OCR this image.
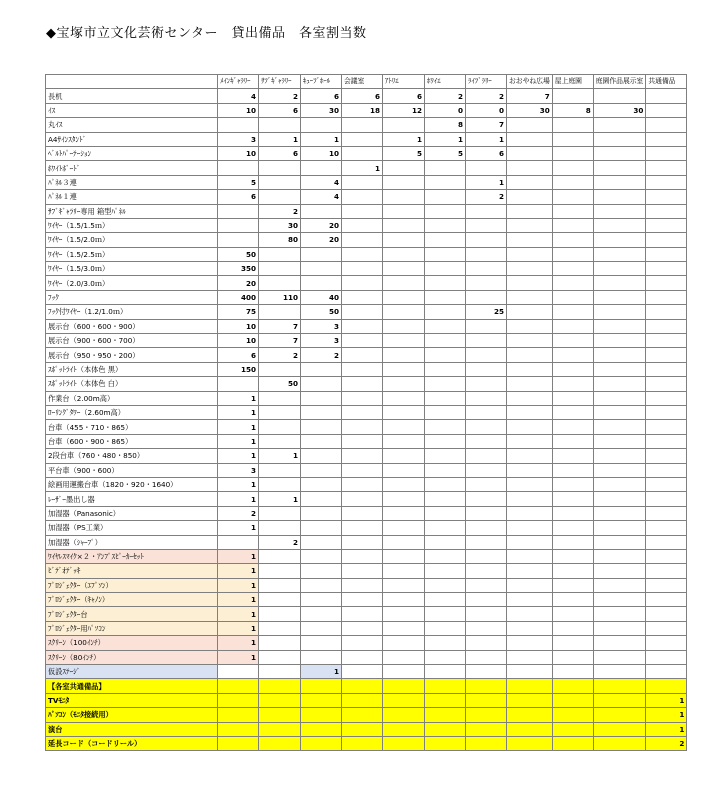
◆宝塚市立文化芸術センター　貸出備品　各室割当数
	ﾒｲﾝｷﾞｬﾗﾘｰ	ｻﾌﾞｷﾞｬﾗﾘｰ	ｷｭｰﾌﾞﾎｰﾙ	会議室	ｱﾄﾘｴ	ﾎﾜｲｴ	ﾗｲﾌﾞﾗﾘｰ	おおやね広場	屋上庭園	庭園作品展示室	共通備品
長机	4	2	6	6	6	2	2	7			
ｲｽ	10	6	30	18	12	0	0	30	8	30	
丸ｲｽ						8	7				
A4ｻｲﾝｽﾀﾝﾄﾞ	3	1	1		1	1	1				
ﾍﾞﾙﾄﾊﾟｰﾃｰｼｮﾝ	10	6	10		5	5	6				
ﾎﾜｲﾄﾎﾞｰﾄﾞ				1							
ﾊﾟﾈﾙ３連	5		4				1				
ﾊﾟﾈﾙ１連	6		4				2				
ｻﾌﾞｷﾞｬﾗﾘｰ専用 箱型ﾊﾟﾈﾙ		2									
ﾜｲﾔｰ（1.5/1.5ｍ）		30	20								
ﾜｲﾔｰ（1.5/2.0ｍ）		80	20								
ﾜｲﾔｰ（1.5/2.5ｍ）	50										
ﾜｲﾔｰ（1.5/3.0ｍ）	350										
ﾜｲﾔｰ（2.0/3.0ｍ）	20										
ﾌｯｸ	400	110	40								
ﾌｯｸ付ﾜｲﾔｰ（1.2/1.0ｍ）	75		50				25				
展示台（600・600・900）	10	7	3								
展示台（900・600・700）	10	7	3								
展示台（950・950・200）	6	2	2								
ｽﾎﾟｯﾄﾗｲﾄ（本体色 黒）	150										
ｽﾎﾟｯﾄﾗｲﾄ（本体色 白）		50									
作業台（2.00m高）	1										
ﾛｰﾘﾝｸﾞﾀﾜｰ（2.60m高）	1										
台車（455・710・865）	1										
台車（600・900・865）	1										
2段台車（760・480・850）	1	1									
平台車（900・600）	3										
絵画用運搬台車（1820・920・1640）	1										
ﾚｰｻﾞｰ墨出し器	1	1									
加湿器（Panasonic）	2										
加湿器（PS工業）	1										
加湿器（ｼｬｰﾌﾟ）		2									
ﾜｲﾔﾚｽﾏｲｸ×２・ｱﾝﾌﾟｽﾋﾟｰｶｰｾｯﾄ	1										
ﾋﾞﾃﾞｵﾃﾞｯｷ	1										
ﾌﾟﾛｼﾞｪｸﾀｰ（ｴﾌﾟｿﾝ）	1										
ﾌﾟﾛｼﾞｪｸﾀｰ（ｷｬﾉﾝ）	1										
ﾌﾟﾛｼﾞｪｸﾀｰ台	1										
ﾌﾟﾛｼﾞｪｸﾀｰ用ﾊﾟｿｺﾝ	1										
ｽｸﾘｰﾝ（100ｲﾝﾁ）	1										
ｽｸﾘｰﾝ（80ｲﾝﾁ）	1										
仮設ｽﾃｰｼﾞ			1								
【各室共通備品】											
TVﾓﾆﾀ											1
ﾊﾟｿｺﾝ（ﾓﾆﾀ接続用）											1
演台											1
延長コード（コードリール）											2
